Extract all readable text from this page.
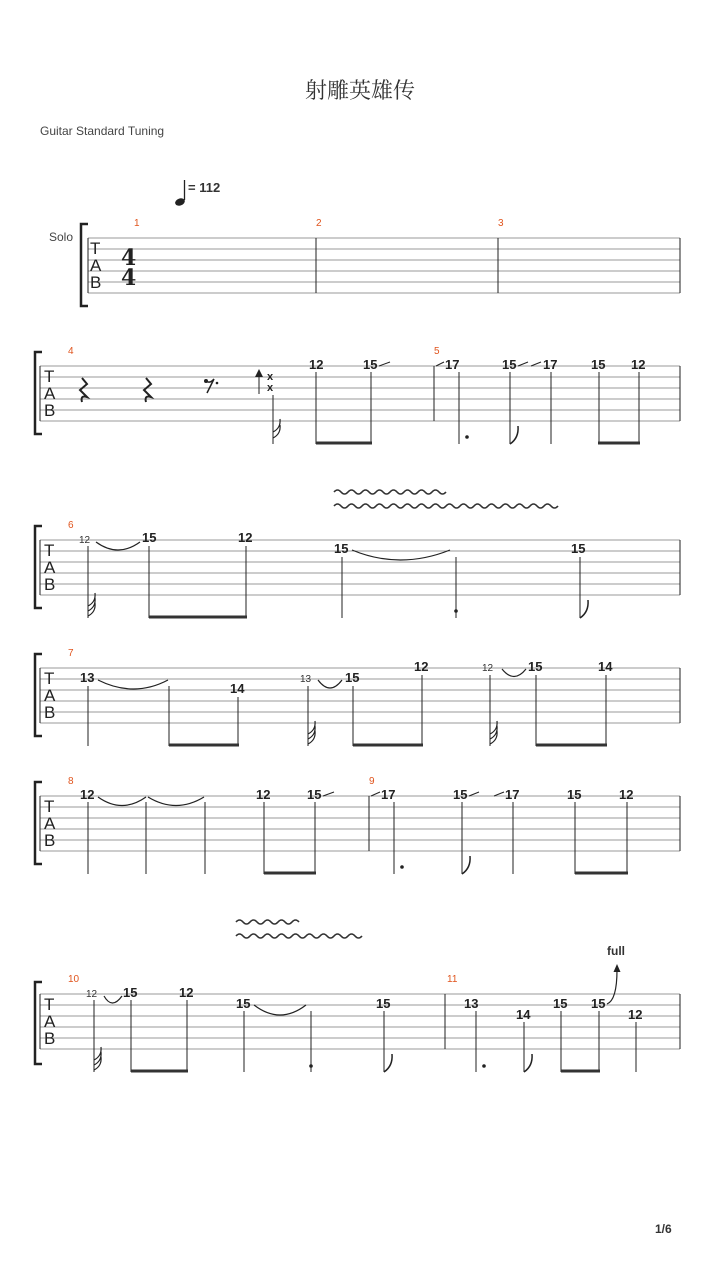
射雕英雄传
Guitar Standard Tuning
= 112
1/6
Solo
T
A
B
4
4
1	2	3
T
A
B
4	5
x
x
12	15	17	15 17	15 12
T
A
B
6
12	15	12
15	15
T
A
B
7
13
14
13	15
12	12	15	14
T
A
B
8	9
12	12	15	17	15	17	15	12
T
A
B
10	11
12 15	12
15	15	13
14
15 15
12
full
